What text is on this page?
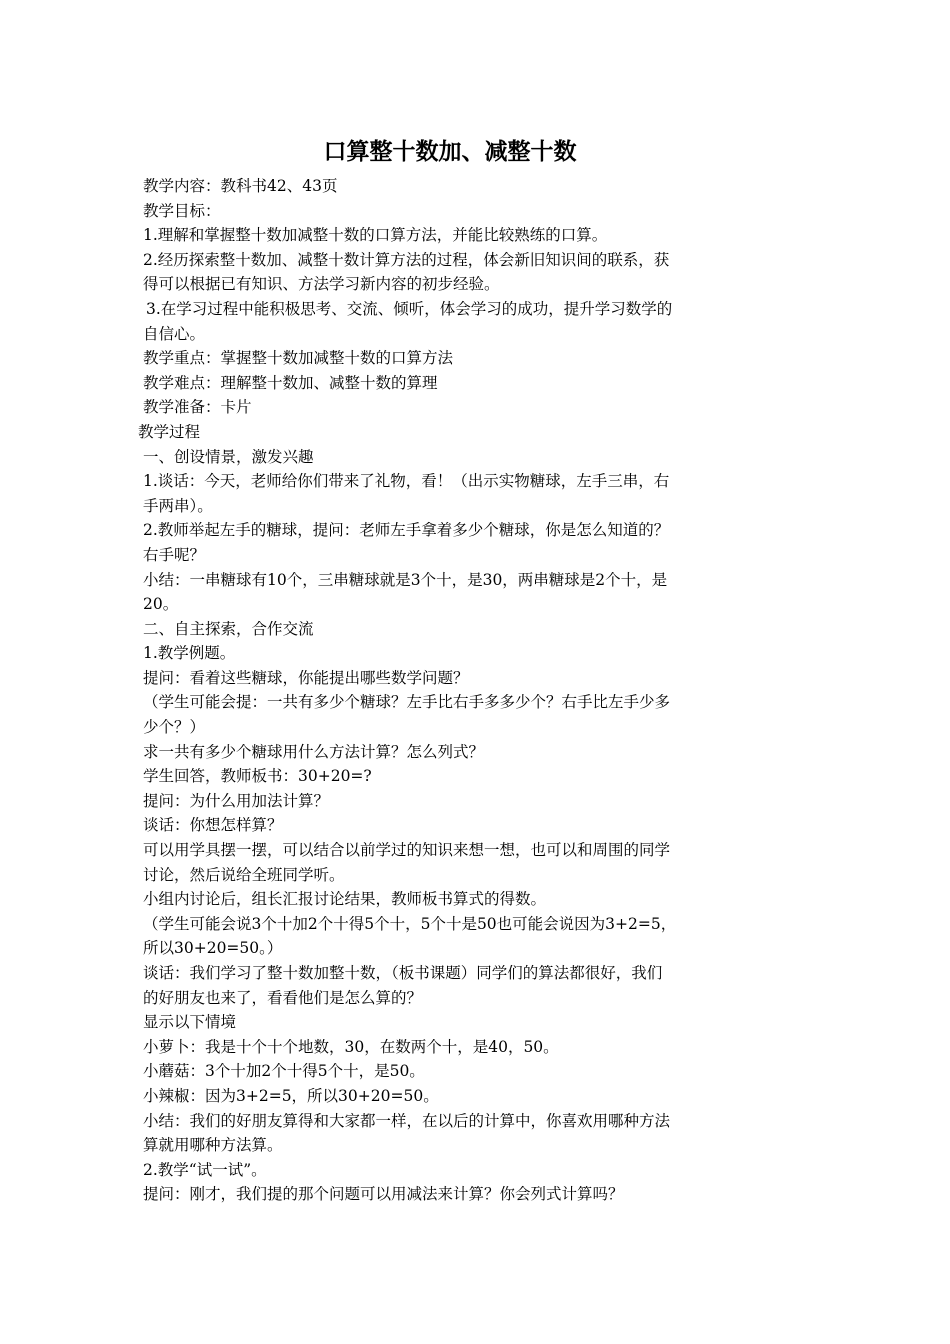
口算整十数加、减整十数
教学内容：教科书42、43页
教学目标：
1.理解和掌握整十数加减整十数的口算方法，并能比较熟练的口算。
2.经历探索整十数加、减整十数计算方法的过程，体会新旧知识间的联系，获
得可以根据已有知识、方法学习新内容的初步经验。
3.在学习过程中能积极思考、交流、倾听，体会学习的成功，提升学习数学的
自信心。
教学重点：掌握整十数加减整十数的口算方法
教学难点：理解整十数加、减整十数的算理
教学准备：卡片
教学过程
一、创设情景，激发兴趣
1.谈话：今天，老师给你们带来了礼物，看！（出示实物糖球，左手三串，右
手两串）。
2.教师举起左手的糖球，提问：老师左手拿着多少个糖球，你是怎么知道的？
右手呢？
小结：一串糖球有10个，三串糖球就是3个十，是30，两串糖球是2个十，是
20。
二、自主探索，合作交流
1.教学例题。
提问：看着这些糖球，你能提出哪些数学问题？
（学生可能会提：一共有多少个糖球？左手比右手多多少个？右手比左手少多
少个？）
求一共有多少个糖球用什么方法计算？怎么列式？
学生回答，教师板书：30+20=?
提问：为什么用加法计算？
谈话：你想怎样算？
可以用学具摆一摆，可以结合以前学过的知识来想一想，也可以和周围的同学
讨论，然后说给全班同学听。
小组内讨论后，组长汇报讨论结果，教师板书算式的得数。
（学生可能会说3个十加2个十得5个十，5个十是50也可能会说因为3+2=5，
所以30+20=50。）
谈话：我们学习了整十数加整十数，（板书课题）同学们的算法都很好，我们
的好朋友也来了，看看他们是怎么算的？
显示以下情境
小萝卜：我是十个十个地数，30，在数两个十，是40，50。
小蘑菇：3个十加2个十得5个十，是50。
小辣椒：因为3+2=5，所以30+20=50。
小结：我们的好朋友算得和大家都一样，在以后的计算中，你喜欢用哪种方法
算就用哪种方法算。
2.教学“试一试”。
提问：刚才，我们提的那个问题可以用减法来计算？你会列式计算吗？
